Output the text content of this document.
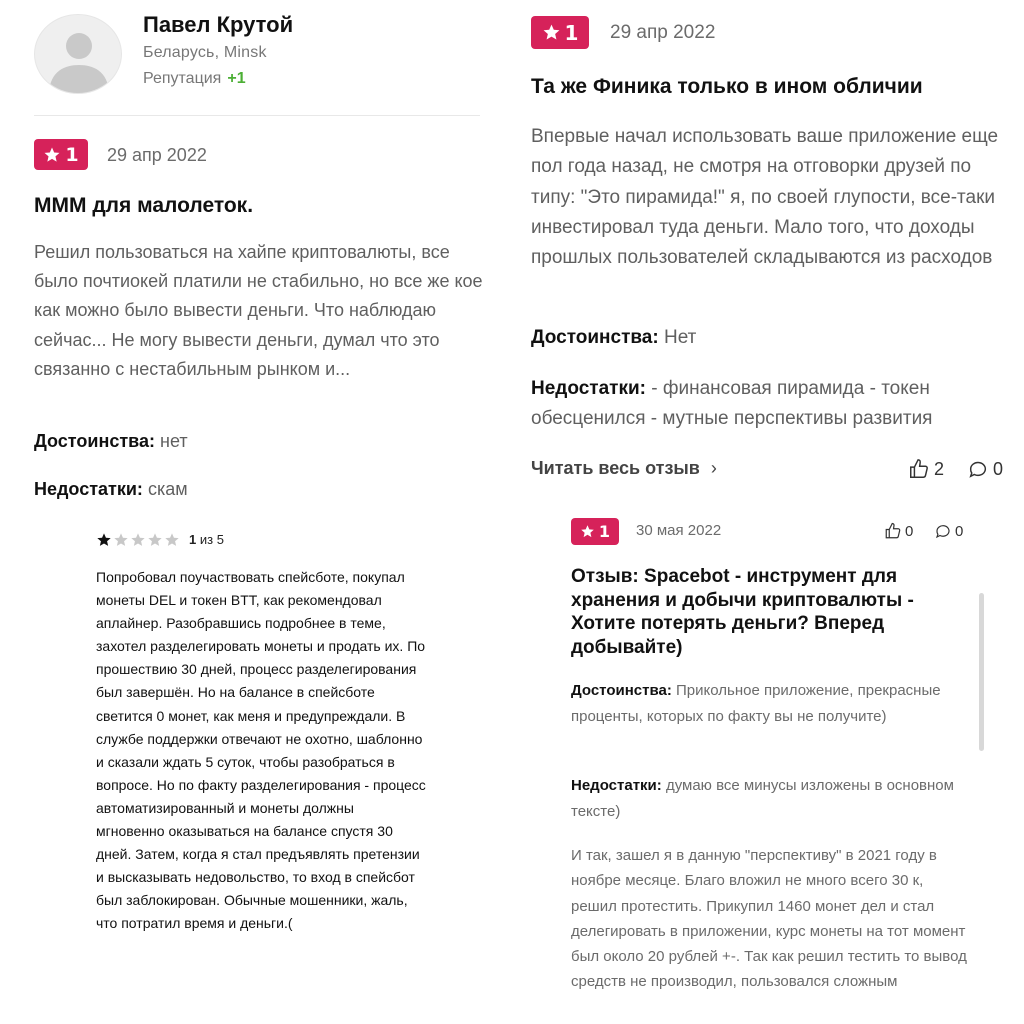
Павел Крутой
Беларусь, Minsk
Репутация +1
1 29 апр 2022
МММ для малолеток.
Решил пользоваться на хайпе криптовалюты, все было почтиокей платили не стабильно, но все же кое как можно было вывести деньги. Что наблюдаю сейчас... Не могу вывести деньги, думал что это связанно с нестабильным рынком и...
Достоинства: нет
Недостатки: скам
1 29 апр 2022
Та же Финика только в ином обличии
Впервые начал использовать ваше приложение еще пол года назад, не смотря на отговорки друзей по типу: "Это пирамида!" я, по своей глупости, все-таки инвестировал туда деньги. Мало того, что доходы прошлых пользователей складываются из расходов
Достоинства: Нет
Недостатки: - финансовая пирамида - токен обесценился - мутные перспективы развития
Читать весь отзыв ›	2	0
1 из 5
Попробовал поучаствовать спейсботе, покупал монеты DEL и токен BTT, как рекомендовал аплайнер. Разобравшись подробнее в теме, захотел разделегировать монеты и продать их. По прошествию 30 дней, процесс разделегирования был завершён. Но на балансе в спейсботе светится 0 монет, как меня и предупреждали. В службе поддержки отвечают не охотно, шаблонно и сказали ждать 5 суток, чтобы разобраться в вопросе. Но по факту разделегирования - процесс автоматизированный и монеты должны мгновенно оказываться на балансе спустя 30 дней. Затем, когда я стал предъявлять претензии и высказывать недовольство, то вход в спейсбот был заблокирован. Обычные мошенники, жаль, что потратил время и деньги.(
1 30 мая 2022	0	0
Отзыв: Spacebot - инструмент для хранения и добычи криптовалюты - Хотите потерять деньги? Вперед добывайте)
Достоинства: Прикольное приложение, прекрасные проценты, которых по факту вы не получите)
Недостатки: думаю все минусы изложены в основном тексте)
И так, зашел я в данную "перспективу" в 2021 году в ноябре месяце. Благо вложил не много всего 30 к, решил протестить. Прикупил 1460 монет дел и стал делегировать в приложении, курс монеты на тот момент был около 20 рублей +-. Так как решил тестить то вывод средств не производил, пользовался сложным
